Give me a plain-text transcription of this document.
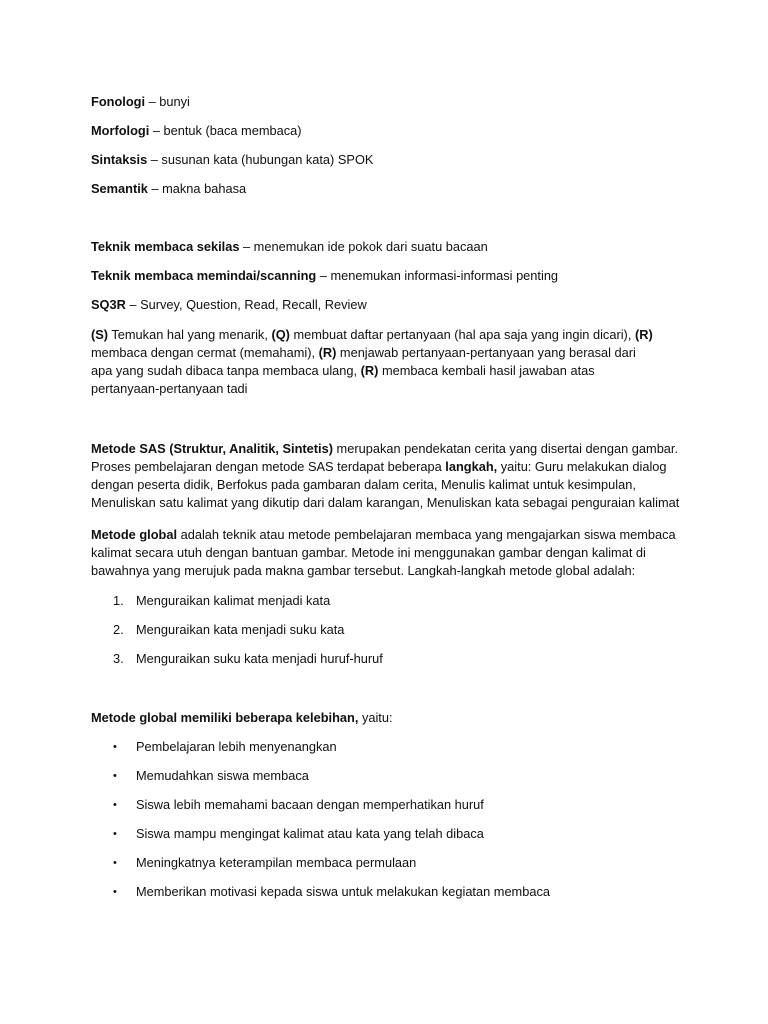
Fonologi – bunyi

Morfologi – bentuk (baca membaca)

Sintaksis – susunan kata (hubungan kata) SPOK

Semantik – makna bahasa

Teknik membaca sekilas – menemukan ide pokok dari suatu bacaan

Teknik membaca memindai/scanning – menemukan informasi-informasi penting

SQ3R – Survey, Question, Read, Recall, Review

(S) Temukan hal yang menarik, (Q) membuat daftar pertanyaan (hal apa saja yang ingin dicari), (R) membaca dengan cermat (memahami), (R) menjawab pertanyaan-pertanyaan yang berasal dari apa yang sudah dibaca tanpa membaca ulang, (R) membaca kembali hasil jawaban atas pertanyaan-pertanyaan tadi

Metode SAS (Struktur, Analitik, Sintetis) merupakan pendekatan cerita yang disertai dengan gambar. Proses pembelajaran dengan metode SAS terdapat beberapa langkah, yaitu: Guru melakukan dialog dengan peserta didik, Berfokus pada gambaran dalam cerita, Menulis kalimat untuk kesimpulan, Menuliskan satu kalimat yang dikutip dari dalam karangan, Menuliskan kata sebagai penguraian kalimat

Metode global adalah teknik atau metode pembelajaran membaca yang mengajarkan siswa membaca kalimat secara utuh dengan bantuan gambar. Metode ini menggunakan gambar dengan kalimat di bawahnya yang merujuk pada makna gambar tersebut. Langkah-langkah metode global adalah:

1. Menguraikan kalimat menjadi kata
2. Menguraikan kata menjadi suku kata
3. Menguraikan suku kata menjadi huruf-huruf

Metode global memiliki beberapa kelebihan, yaitu:

• Pembelajaran lebih menyenangkan
• Memudahkan siswa membaca
• Siswa lebih memahami bacaan dengan memperhatikan huruf
• Siswa mampu mengingat kalimat atau kata yang telah dibaca
• Meningkatnya keterampilan membaca permulaan
• Memberikan motivasi kepada siswa untuk melakukan kegiatan membaca
